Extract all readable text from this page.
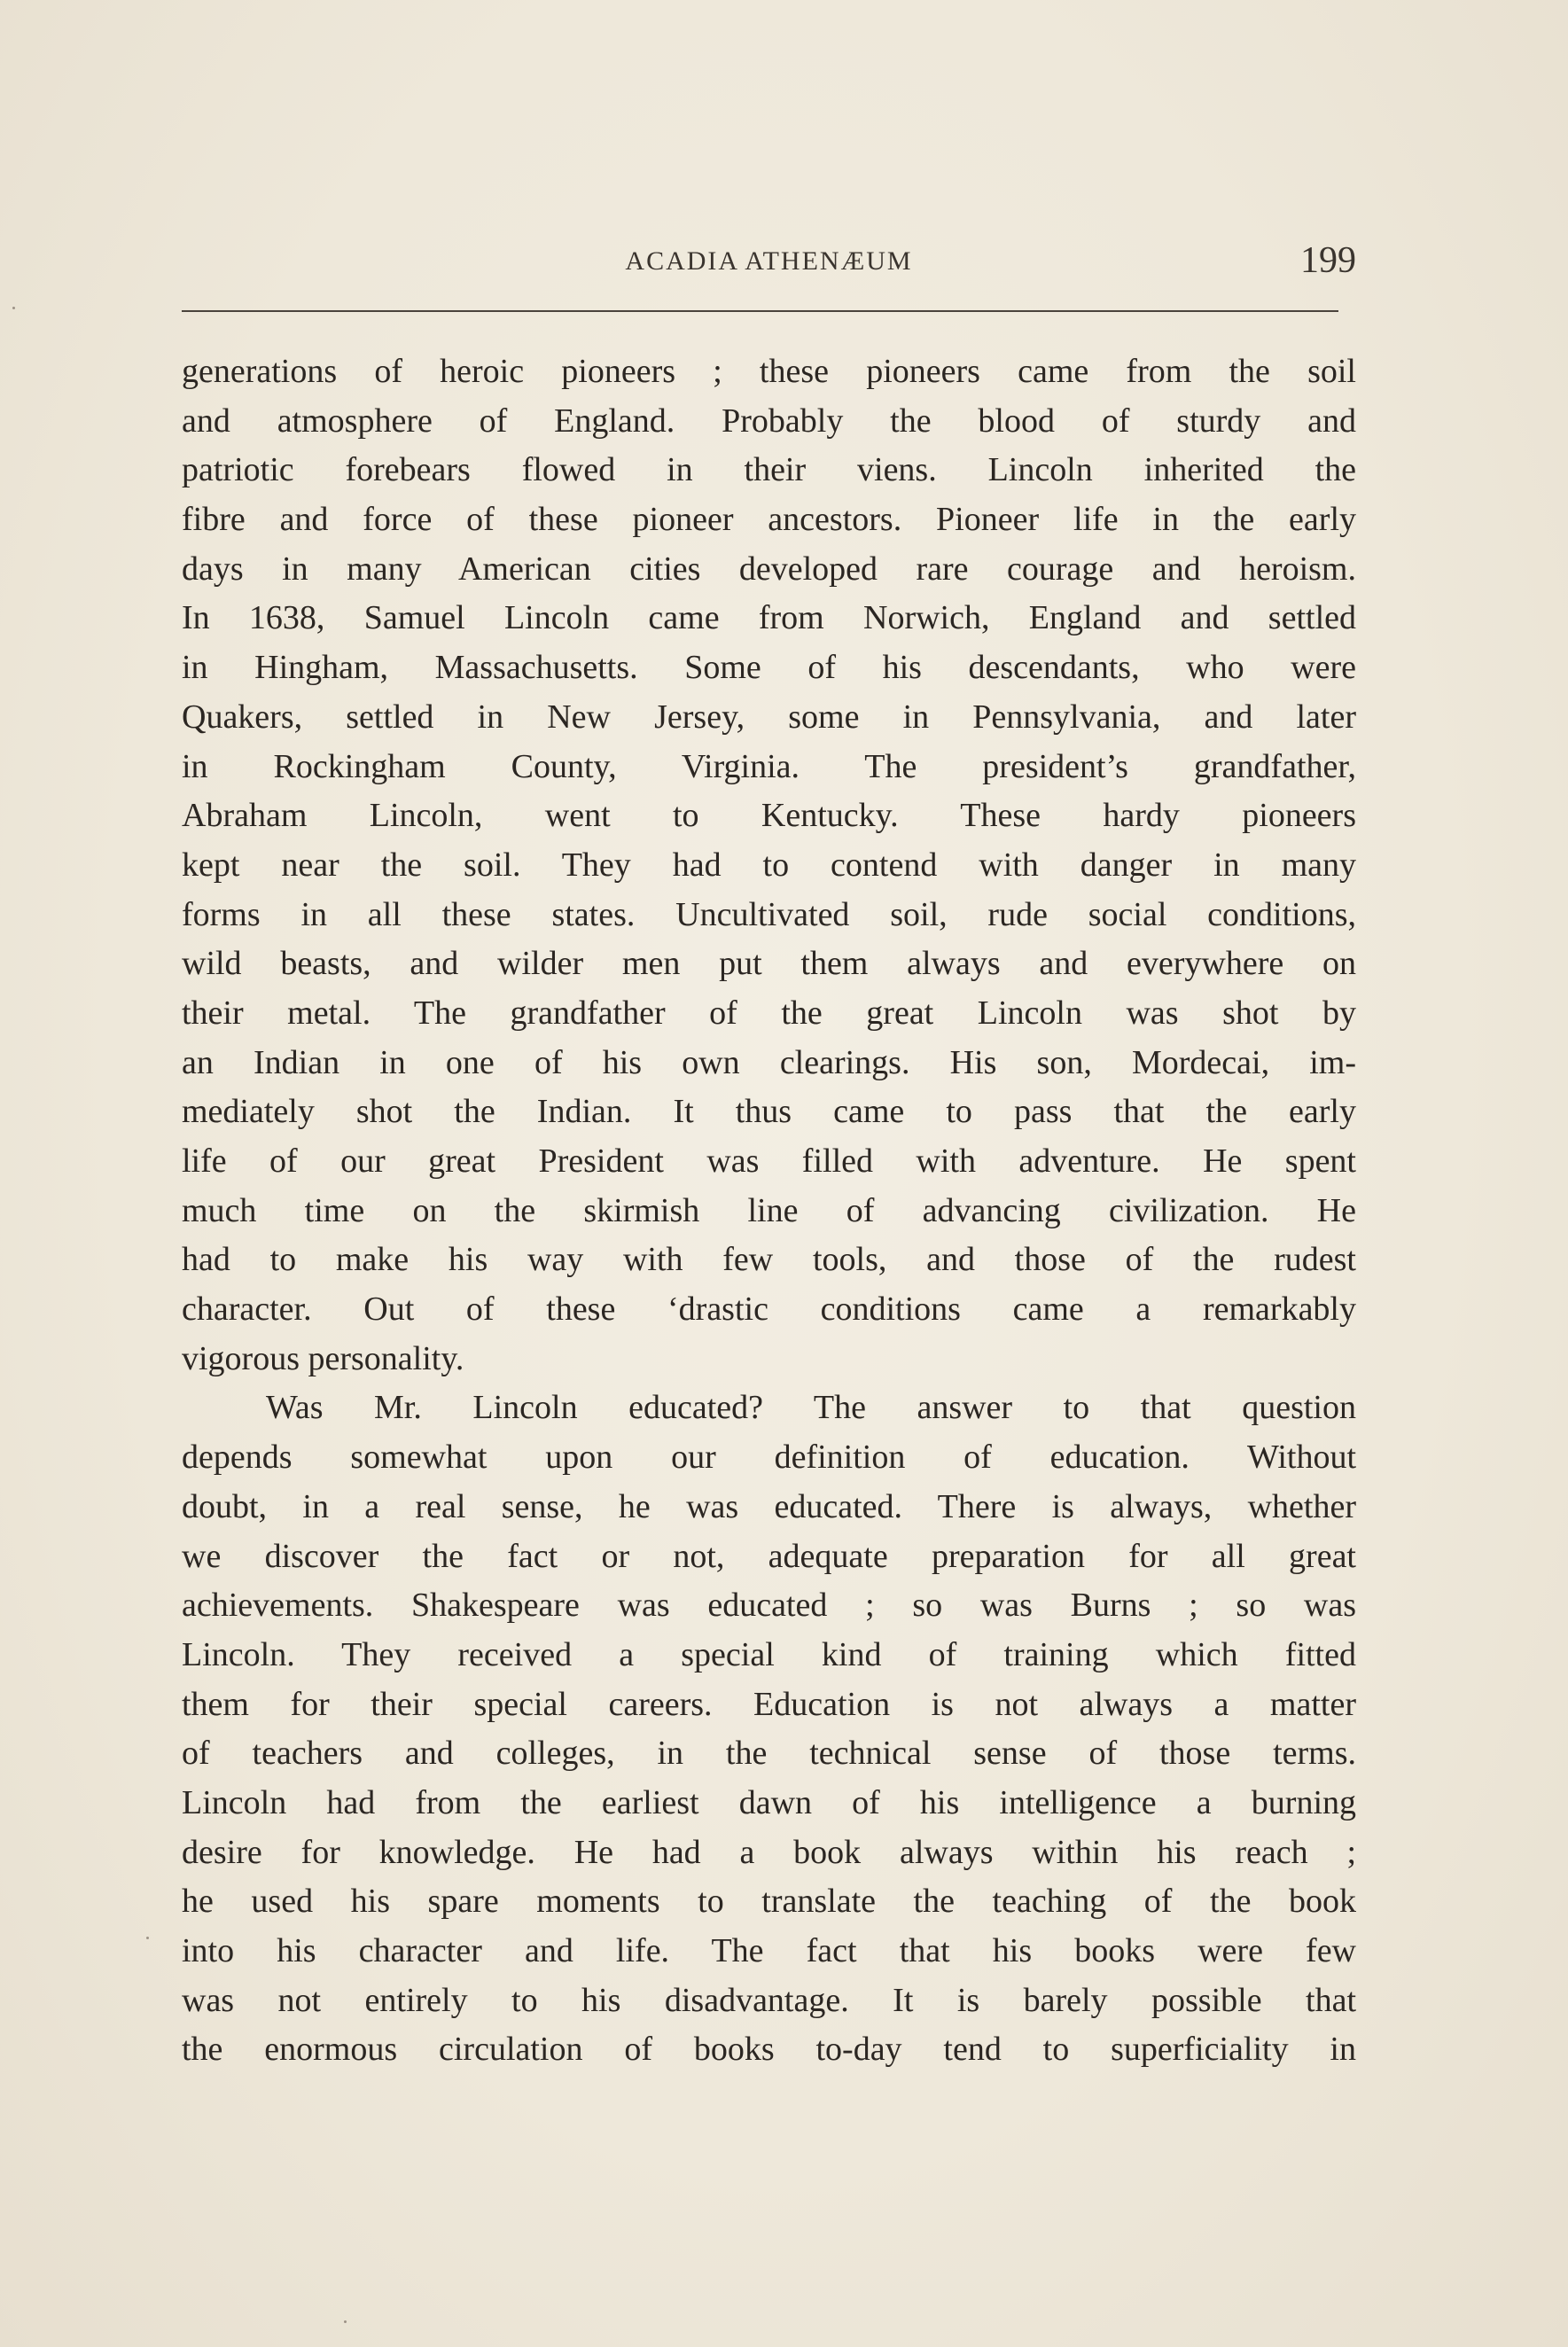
ACADIA ATHENÆUM	199
generations of heroic pioneers ; these pioneers came from the soil
and atmosphere of England. Probably the blood of sturdy and
patriotic forebears flowed in their viens. Lincoln inherited the
fibre and force of these pioneer ancestors. Pioneer life in the early
days in many American cities developed rare courage and heroism.
In 1638, Samuel Lincoln came from Norwich, England and settled
in Hingham, Massachusetts. Some of his descendants, who were
Quakers, settled in New Jersey, some in Pennsylvania, and later
in Rockingham County, Virginia. The president’s grandfather,
Abraham Lincoln, went to Kentucky. These hardy pioneers
kept near the soil. They had to contend with danger in many
forms in all these states. Uncultivated soil, rude social conditions,
wild beasts, and wilder men put them always and everywhere on
their metal. The grandfather of the great Lincoln was shot by
an Indian in one of his own clearings. His son, Mordecai, im-
mediately shot the Indian. It thus came to pass that the early
life of our great President was filled with adventure. He spent
much time on the skirmish line of advancing civilization. He
had to make his way with few tools, and those of the rudest
character. Out of these ‘drastic conditions came a remarkably
vigorous personality.
Was Mr. Lincoln educated? The answer to that question
depends somewhat upon our definition of education. Without
doubt, in a real sense, he was educated. There is always, whether
we discover the fact or not, adequate preparation for all great
achievements. Shakespeare was educated ; so was Burns ; so was
Lincoln. They received a special kind of training which fitted
them for their special careers. Education is not always a matter
of teachers and colleges, in the technical sense of those terms.
Lincoln had from the earliest dawn of his intelligence a burning
desire for knowledge. He had a book always within his reach ;
he used his spare moments to translate the teaching of the book
into his character and life. The fact that his books were few
was not entirely to his disadvantage. It is barely possible that
the enormous circulation of books to-day tend to superficiality in
